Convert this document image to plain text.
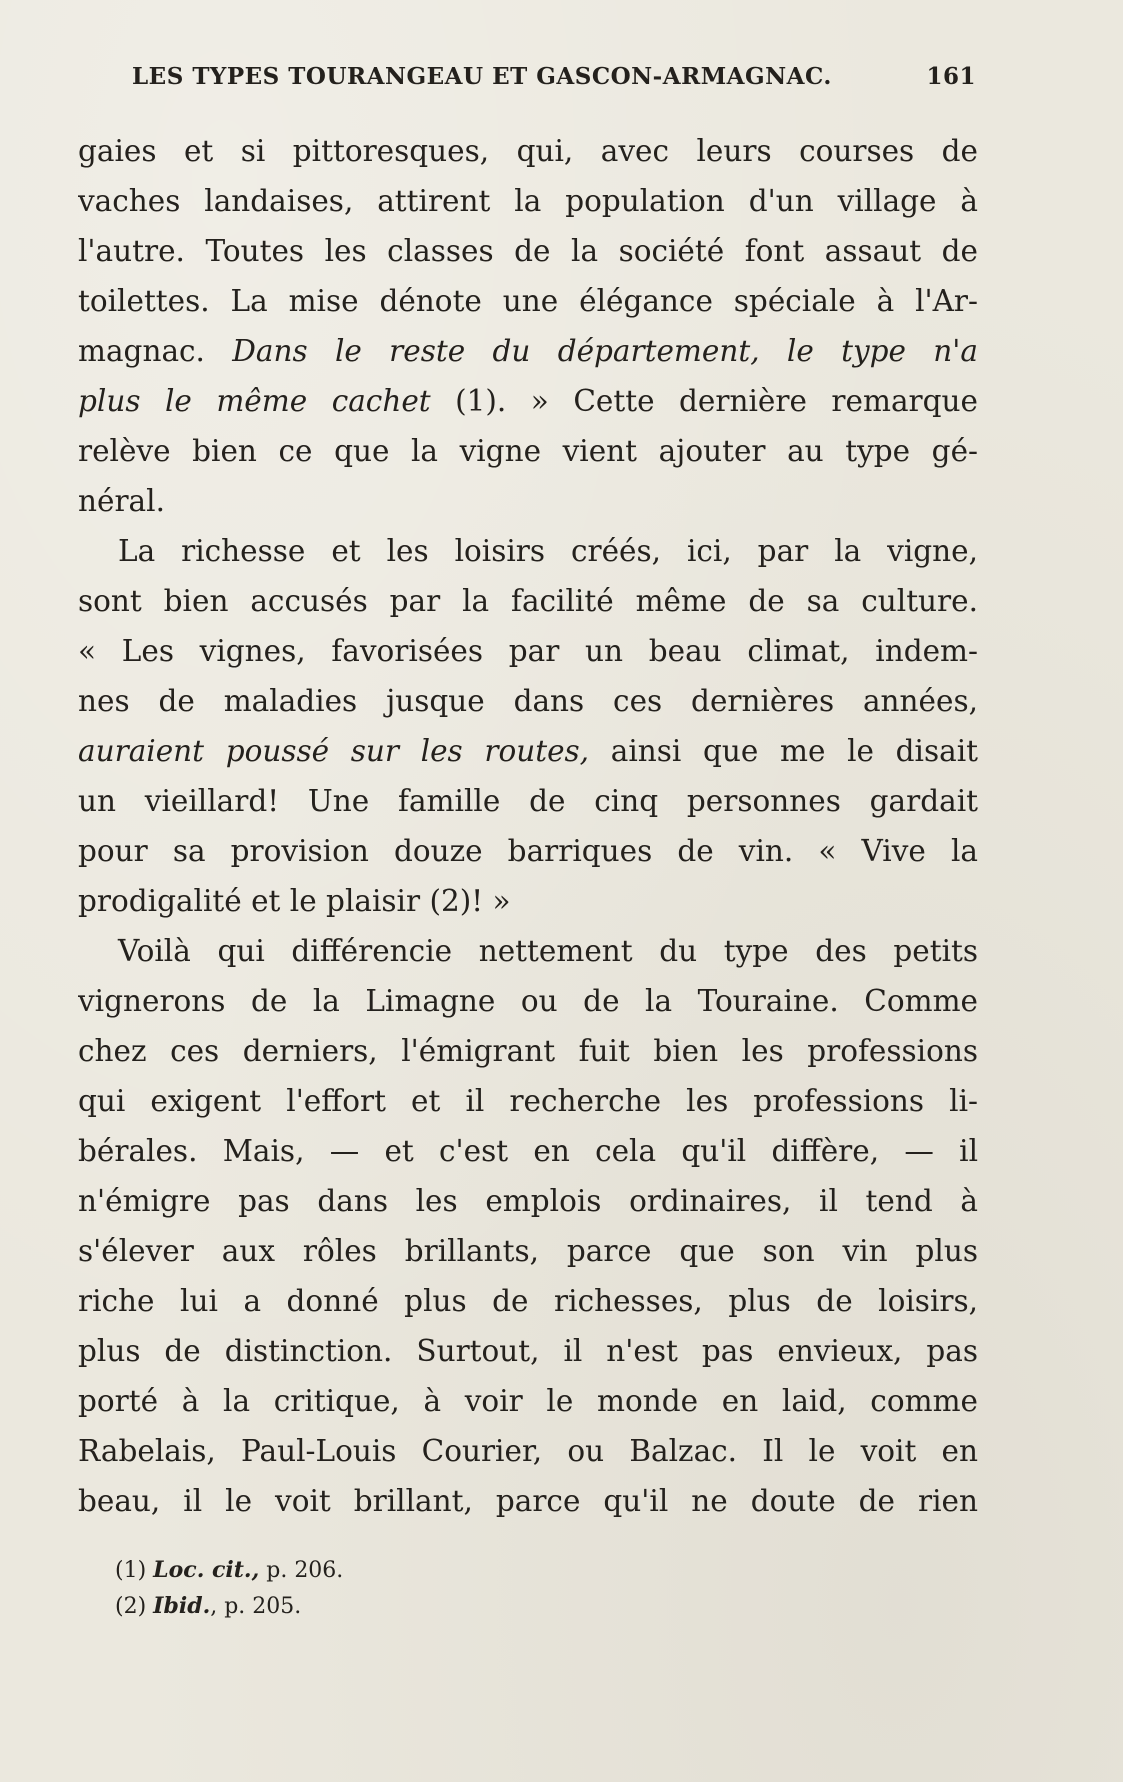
LES TYPES TOURANGEAU ET GASCON-ARMAGNAC.	161
gaies et si pittoresques, qui, avec leurs courses de
vaches landaises, attirent la population d'un village à
l'autre. Toutes les classes de la société font assaut de
toilettes. La mise dénote une élégance spéciale à l'Ar-
magnac. Dans le reste du département, le type n'a
plus le même cachet (1). » Cette dernière remarque
relève bien ce que la vigne vient ajouter au type gé-
néral.
La richesse et les loisirs créés, ici, par la vigne,
sont bien accusés par la facilité même de sa culture.
« Les vignes, favorisées par un beau climat, indem-
nes de maladies jusque dans ces dernières années,
auraient poussé sur les routes, ainsi que me le disait
un vieillard! Une famille de cinq personnes gardait
pour sa provision douze barriques de vin. « Vive la
prodigalité et le plaisir (2)! »
Voilà qui différencie nettement du type des petits
vignerons de la Limagne ou de la Touraine. Comme
chez ces derniers, l'émigrant fuit bien les professions
qui exigent l'effort et il recherche les professions li-
bérales. Mais, — et c'est en cela qu'il diffère, — il
n'émigre pas dans les emplois ordinaires, il tend à
s'élever aux rôles brillants, parce que son vin plus
riche lui a donné plus de richesses, plus de loisirs,
plus de distinction. Surtout, il n'est pas envieux, pas
porté à la critique, à voir le monde en laid, comme
Rabelais, Paul-Louis Courier, ou Balzac. Il le voit en
beau, il le voit brillant, parce qu'il ne doute de rien
(1) Loc. cit., p. 206.
(2) Ibid., p. 205.
